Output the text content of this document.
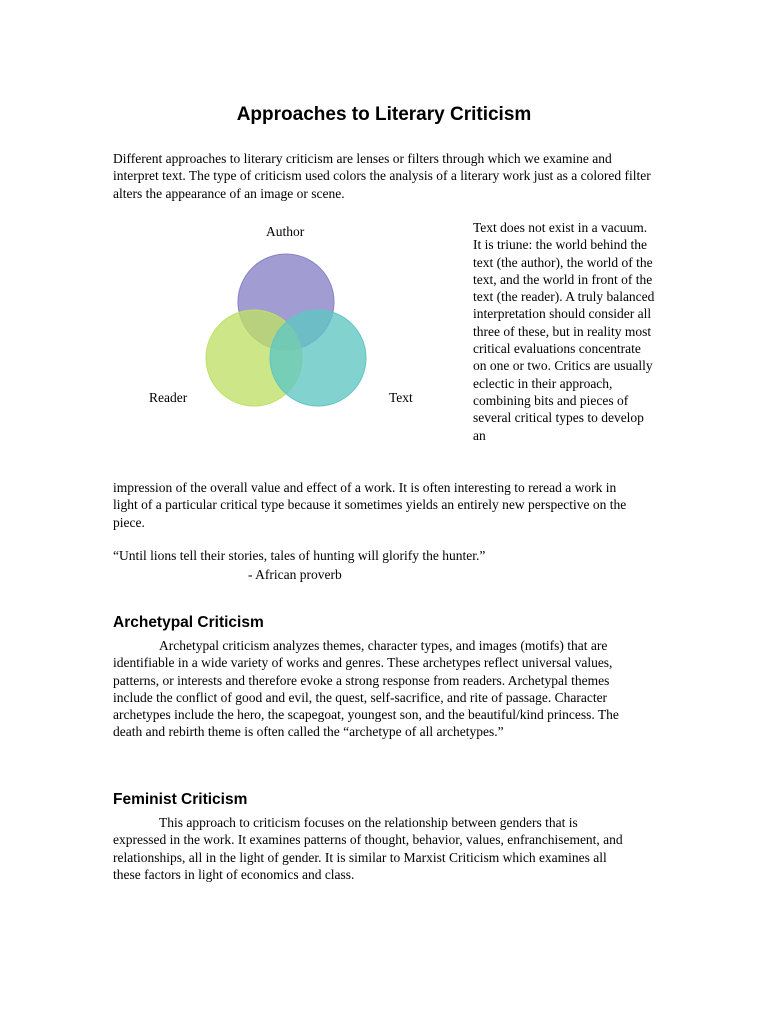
Approaches to Literary Criticism
Different approaches to literary criticism are lenses or filters through which we examine and interpret text. The type of criticism used colors the analysis of a literary work just as a colored filter alters the appearance of an image or scene.
Author
Reader	Text
Text does not exist in a vacuum. It is triune: the world behind the text (the author), the world of the text, and the world in front of the text (the reader). A truly balanced interpretation should consider all three of these, but in reality most critical evaluations concentrate on one or two. Critics are usually eclectic in their approach, combining bits and pieces of several critical types to develop an
impression of the overall value and effect of a work. It is often interesting to reread a work in light of a particular critical type because it sometimes yields an entirely new perspective on the piece.
“Until lions tell their stories, tales of hunting will glorify the hunter.”
- African proverb
Archetypal Criticism
Archetypal criticism analyzes themes, character types, and images (motifs) that are identifiable in a wide variety of works and genres. These archetypes reflect universal values, patterns, or interests and therefore evoke a strong response from readers. Archetypal themes include the conflict of good and evil, the quest, self-sacrifice, and rite of passage. Character archetypes include the hero, the scapegoat, youngest son, and the beautiful/kind princess. The death and rebirth theme is often called the “archetype of all archetypes.”
Feminist Criticism
This approach to criticism focuses on the relationship between genders that is expressed in the work. It examines patterns of thought, behavior, values, enfranchisement, and relationships, all in the light of gender. It is similar to Marxist Criticism which examines all these factors in light of economics and class.
